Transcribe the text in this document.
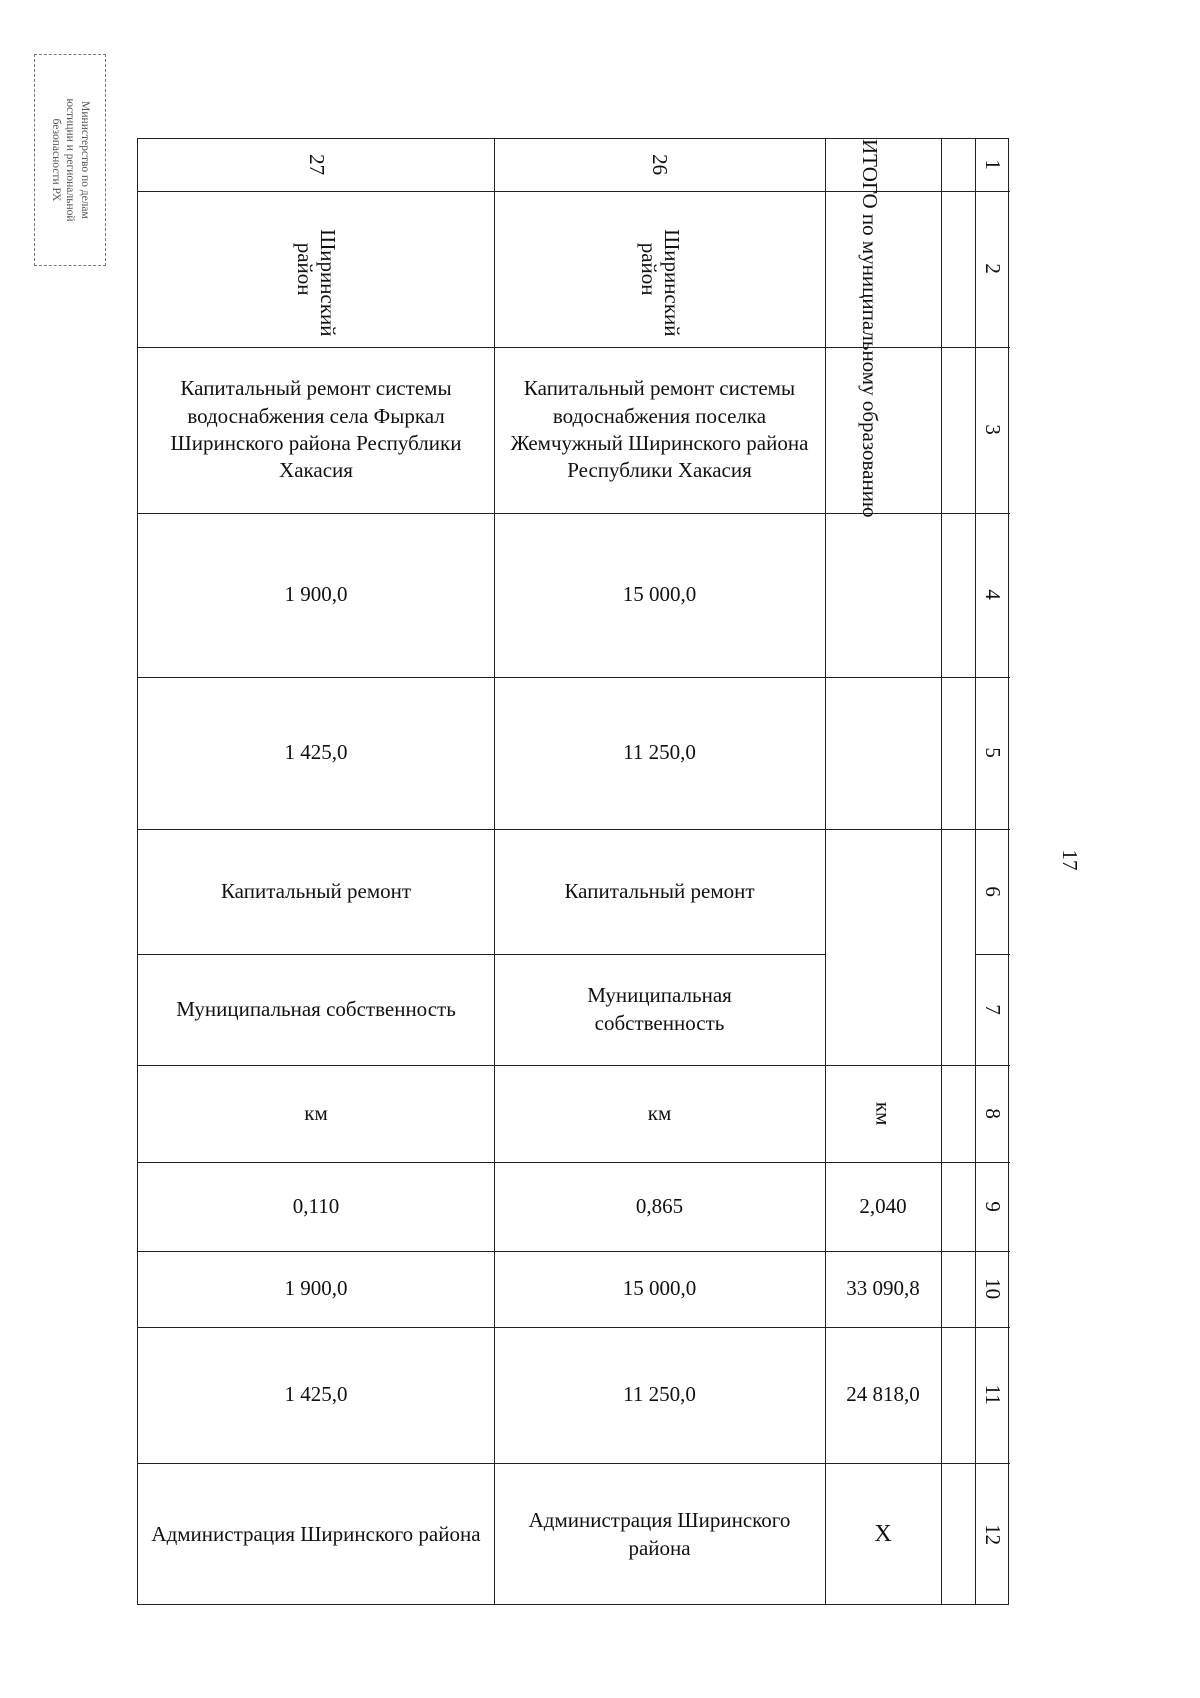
Министерство по делам
юстиции и региональной
безопасности РХ
17
1
2
3
4
5
6
7
8
9
10
11
12
ИТОГО по муниципальному образованию
км
2,040
33 090,8
24 818,0
Х
26
Ширинский район
Капитальный ремонт системы водоснабжения поселка Жемчужный Ширинского района Республики Хакасия
15 000,0
11 250,0
Капитальный ремонт
Муниципальная собственность
км
0,865
15 000,0
11 250,0
Администрация Ширинского района
27
Ширинский район
Капитальный ремонт системы водоснабжения села Фыркал Ширинского района Республики Хакасия
1 900,0
1 425,0
Капитальный ремонт
Муниципальная собственность
км
0,110
1 900,0
1 425,0
Администрация Ширинского района
